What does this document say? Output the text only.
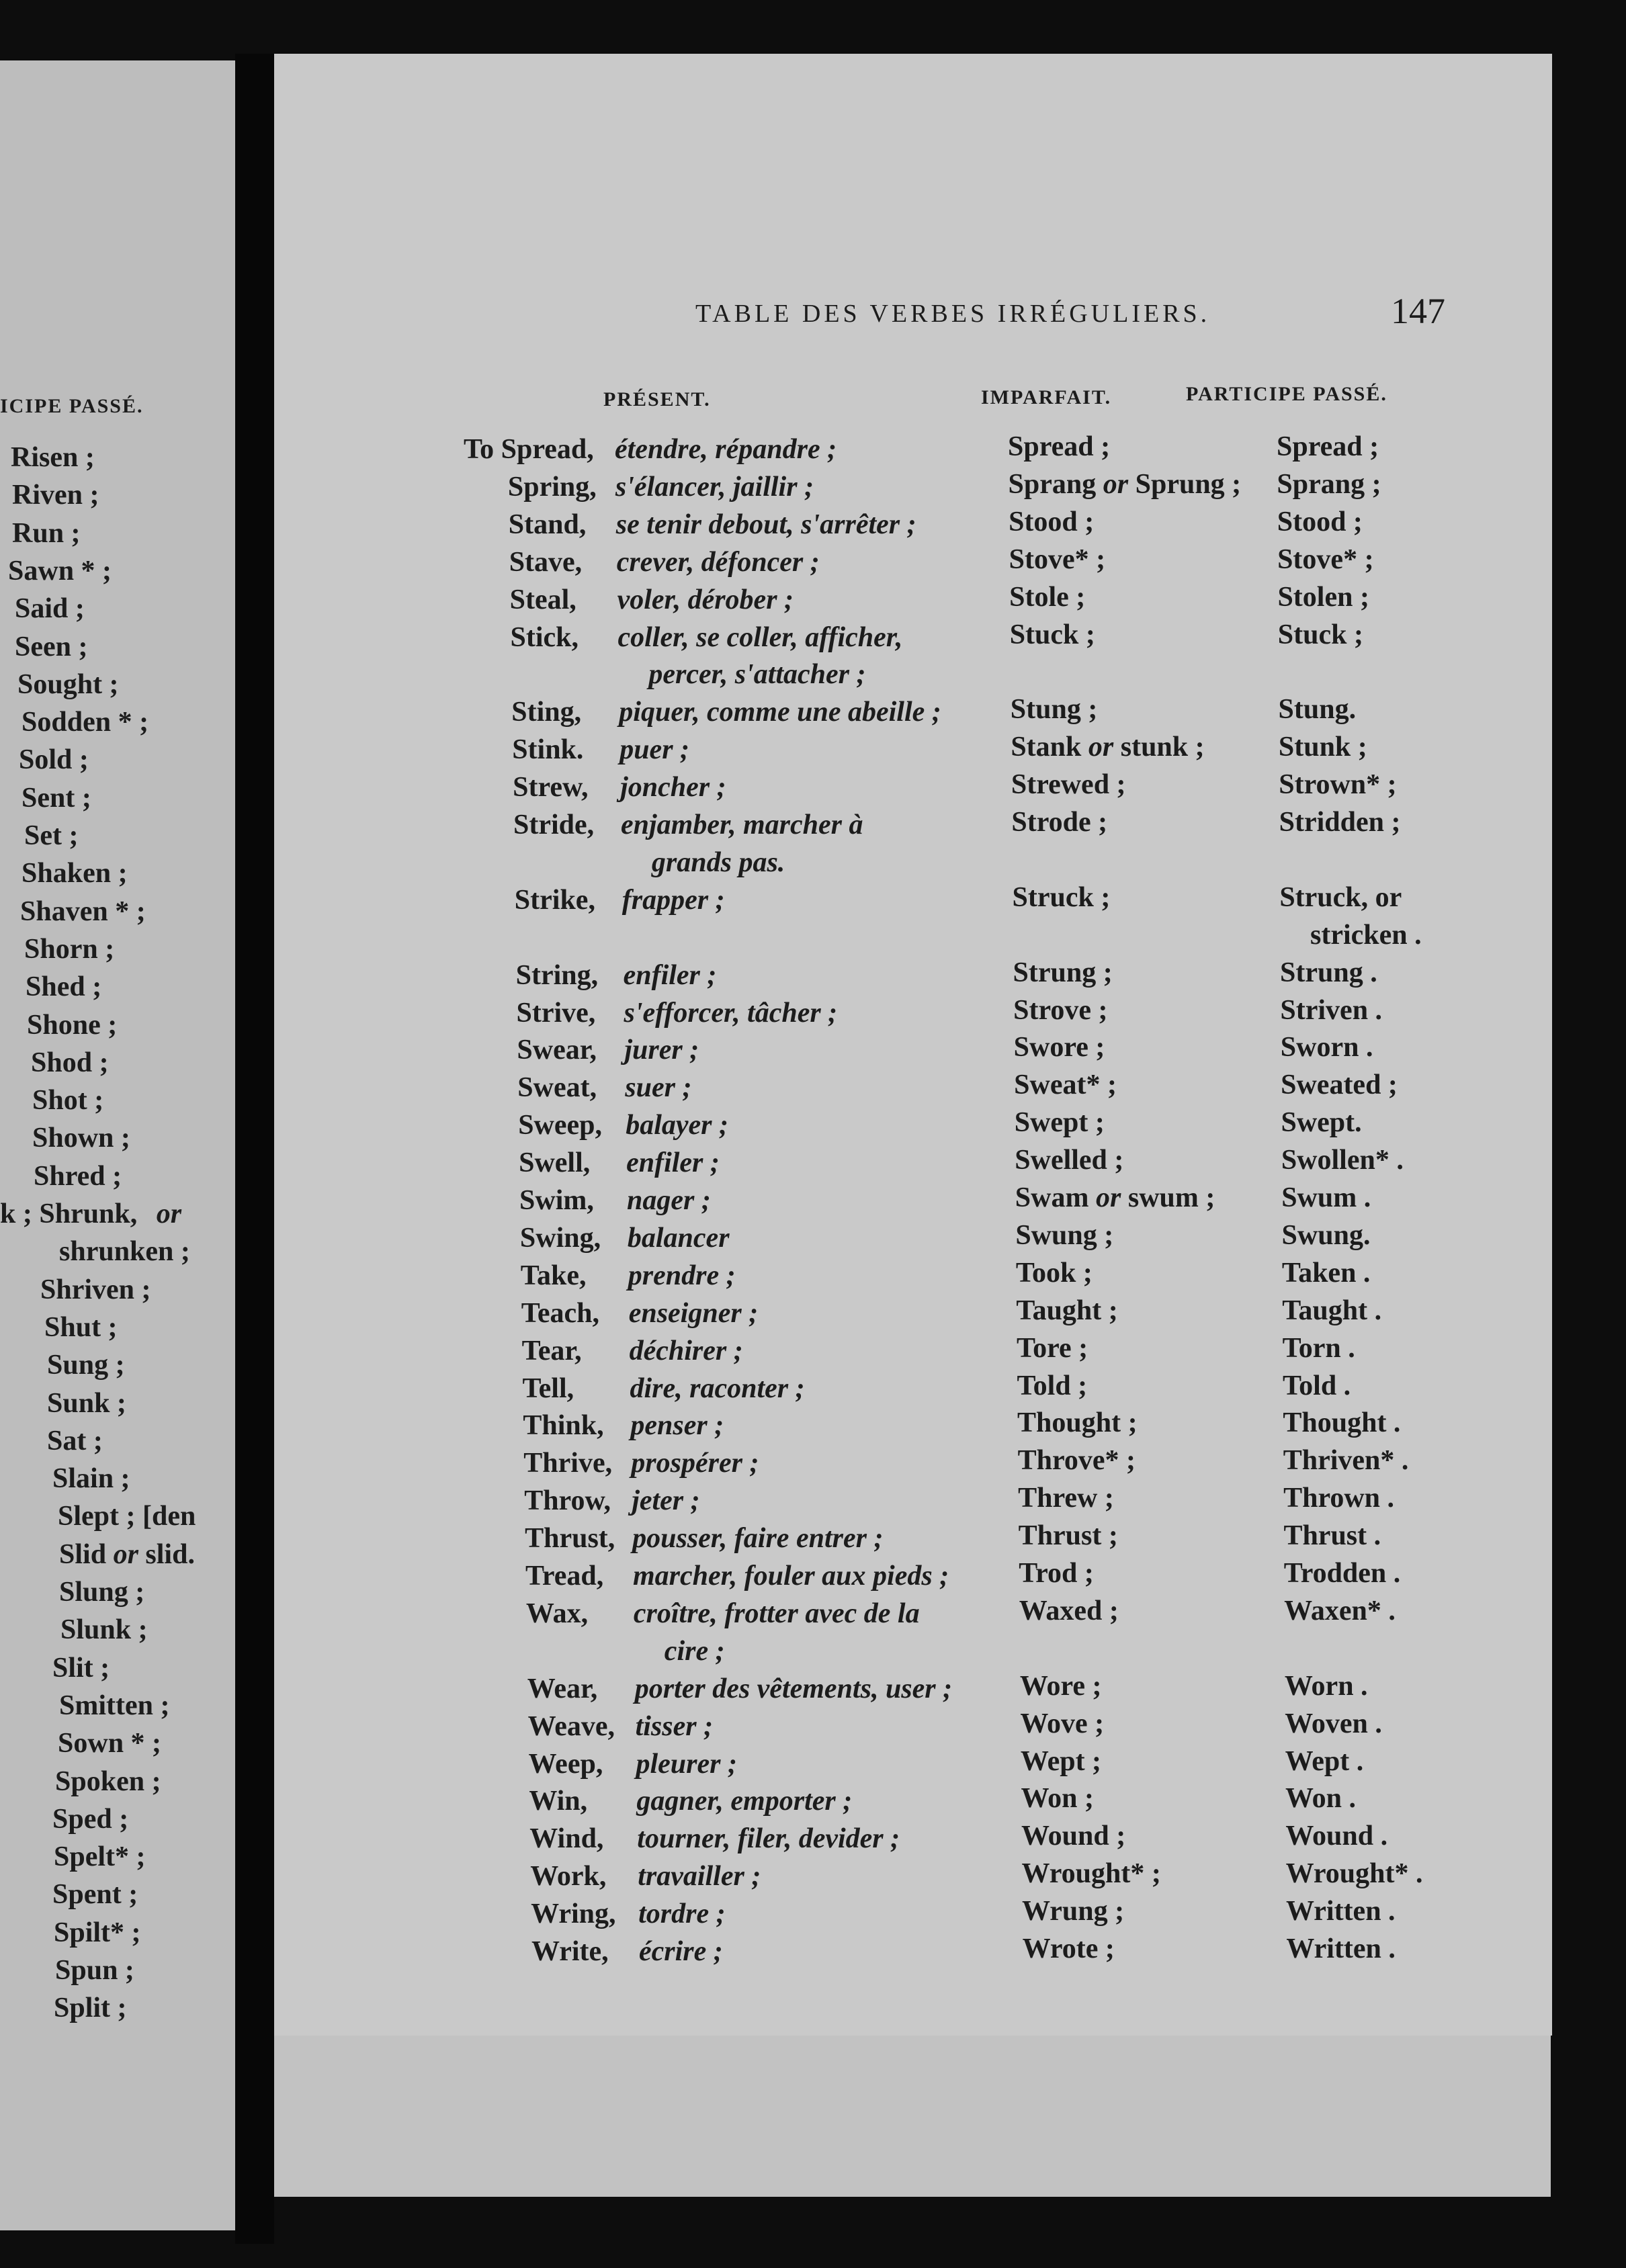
TABLE DES VERBES IRRÉGULIERS.	147
ICIPE PASSÉ.
Risen ;
Riven ;
Run ;
Sawn * ;
Said ;
Seen ;
Sought ;
Sodden * ;
Sold ;
Sent ;
Set ;
Shaken ;
Shaven * ;
Shorn ;
Shed ;
Shone ;
Shod ;
Shot ;
Shown ;
Shred ;
k ; Shrunk, or
shrunken ;
Shriven ;
Shut ;
Sung ;
Sunk ;
Sat ;
Slain ;
Slept ; [den
Slid or slid.
Slung ;
Slunk ;
Slit ;
Smitten ;
Sown * ;
Spoken ;
Sped ;
Spelt* ;
Spent ;
Spilt* ;
Spun ;
Split ;
PRÉSENT.	IMPARFAIT.	PARTICIPE PASSÉ.
To Spread, étendre, répandre ;	Spread ;	Spread ;
Spring, s'élancer, jaillir ;	Sprang or Sprung ; Sprang ;
Stand, se tenir debout, s'arrêter ;	Stood ;	Stood ;
Stave, crever, défoncer ;	Stove* ;	Stove* ;
Steal, voler, dérober ;	Stole ;	Stolen ;
Stick, coller, se coller, afficher,	Stuck ;	Stuck ;
percer, s'attacher ;
Sting, piquer, comme une abeille ; Stung ;	Stung.
Stink. puer ;	Stank or stunk ;	Stunk ;
Strew, joncher ;	Strewed ;	Strown* ;
Stride, enjamber, marcher à	Strode ;	Stridden ;
grands pas.
Strike, frapper ;	Struck ;	Struck, or
stricken .
String, enfiler ;	Strung ;	Strung .
Strive, s'efforcer, tâcher ;	Strove ;	Striven .
Swear, jurer ;	Swore ;	Sworn .
Sweat, suer ;	Sweat* ;	Sweated ;
Sweep, balayer ;	Swept ;	Swept.
Swell, enfiler ;	Swelled ;	Swollen* .
Swim, nager ;	Swam or swum ; Swum .
Swing, balancer	Swung ;	Swung.
Take, prendre ;	Took ;	Taken .
Teach, enseigner ;	Taught ;	Taught .
Tear, déchirer ;	Tore ;	Torn .
Tell, dire, raconter ;	Told ;	Told .
Think, penser ;	Thought ;	Thought .
Thrive, prospérer ;	Throve* ;	Thriven* .
Throw, jeter ;	Threw ;	Thrown .
Thrust, pousser, faire entrer ;	Thrust ;	Thrust .
Tread, marcher, fouler aux pieds ; Trod ;	Trodden .
Wax, croître, frotter avec de la	Waxed ;	Waxen* .
cire ;
Wear, porter des vêtements, user ; Wore ;	Worn .
Weave, tisser ;	Wove ;	Woven .
Weep, pleurer ;	Wept ;	Wept .
Win, gagner, emporter ;	Won ;	Won .
Wind, tourner, filer, devider ;	Wound ;	Wound .
Work, travailler ;	Wrought* ;	Wrought* .
Wring, tordre ;	Wrung ;	Written .
Write, écrire ;	Wrote ;	Written .
